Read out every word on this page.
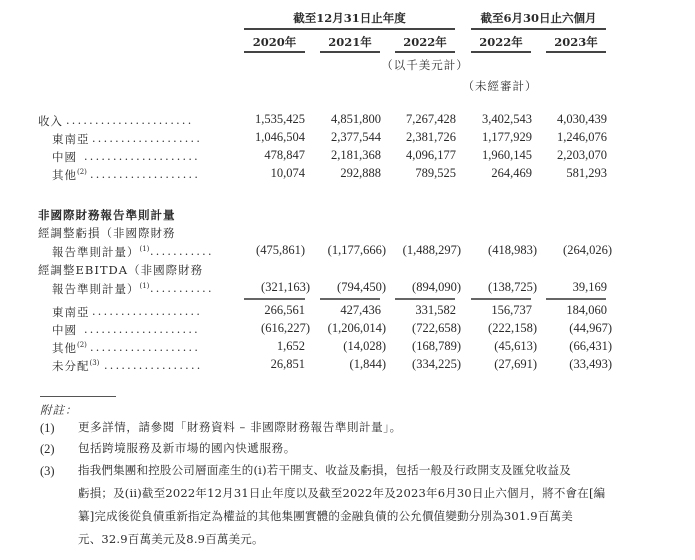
截至12月31日止年度	截至6月30日止六個月
2020年	2021年	2022年	2022年	2023年
（以千美元計）
（未經審計）
收入 ......................	1,535,425	4,851,800	7,267,428	3,402,543	4,030,439
東南亞 ...................	1,046,504	2,377,544	2,381,726	1,177,929	1,246,076
中國 ....................	478,847	2,181,368	4,096,177	1,960,145	2,203,070
其他$^{(2)}$ ...................	10,074	292,888	789,525	264,469	581,293
非國際財務報告準則計量
經調整虧損（非國際財務
報告準則計量）$^{(1)}$ ...........	(475,861)	(1,177,666)	(1,488,297)	(418,983)	(264,026)
經調整EBITDA（非國際財務
報告準則計量）$^{(1)}$ ...........	(321,163)	(794,450)	(894,090)	(138,725)	39,169
東南亞 ...................	266,561	427,436	331,582	156,737	184,060
中國 ....................	(616,227)	(1,206,014)	(722,658)	(222,158)	(44,967)
其他$^{(2)}$ ...................	1,652	(14,028)	(168,789)	(45,613)	(66,431)
未分配$^{(3)}$ .................	26,851	(1,844)	(334,225)	(27,691)	(33,493)
附註：
(1) 更多詳情，請參閱「財務資料 – 非國際財務報告準則計量」。
(2) 包括跨境服務及新市場的國內快遞服務。
(3) 指我們集團和控股公司層面產生的(i)若干開支、收益及虧損，包括一般及行政開支及匯兌收益及
虧損；及(ii)截至2022年12月31日止年度以及截至2022年及2023年6月30日止六個月，將不會在[編
纂]完成後從負債重新指定為權益的其他集團實體的金融負債的公允價值變動分別為301.9百萬美
元、32.9百萬美元及8.9百萬美元。
